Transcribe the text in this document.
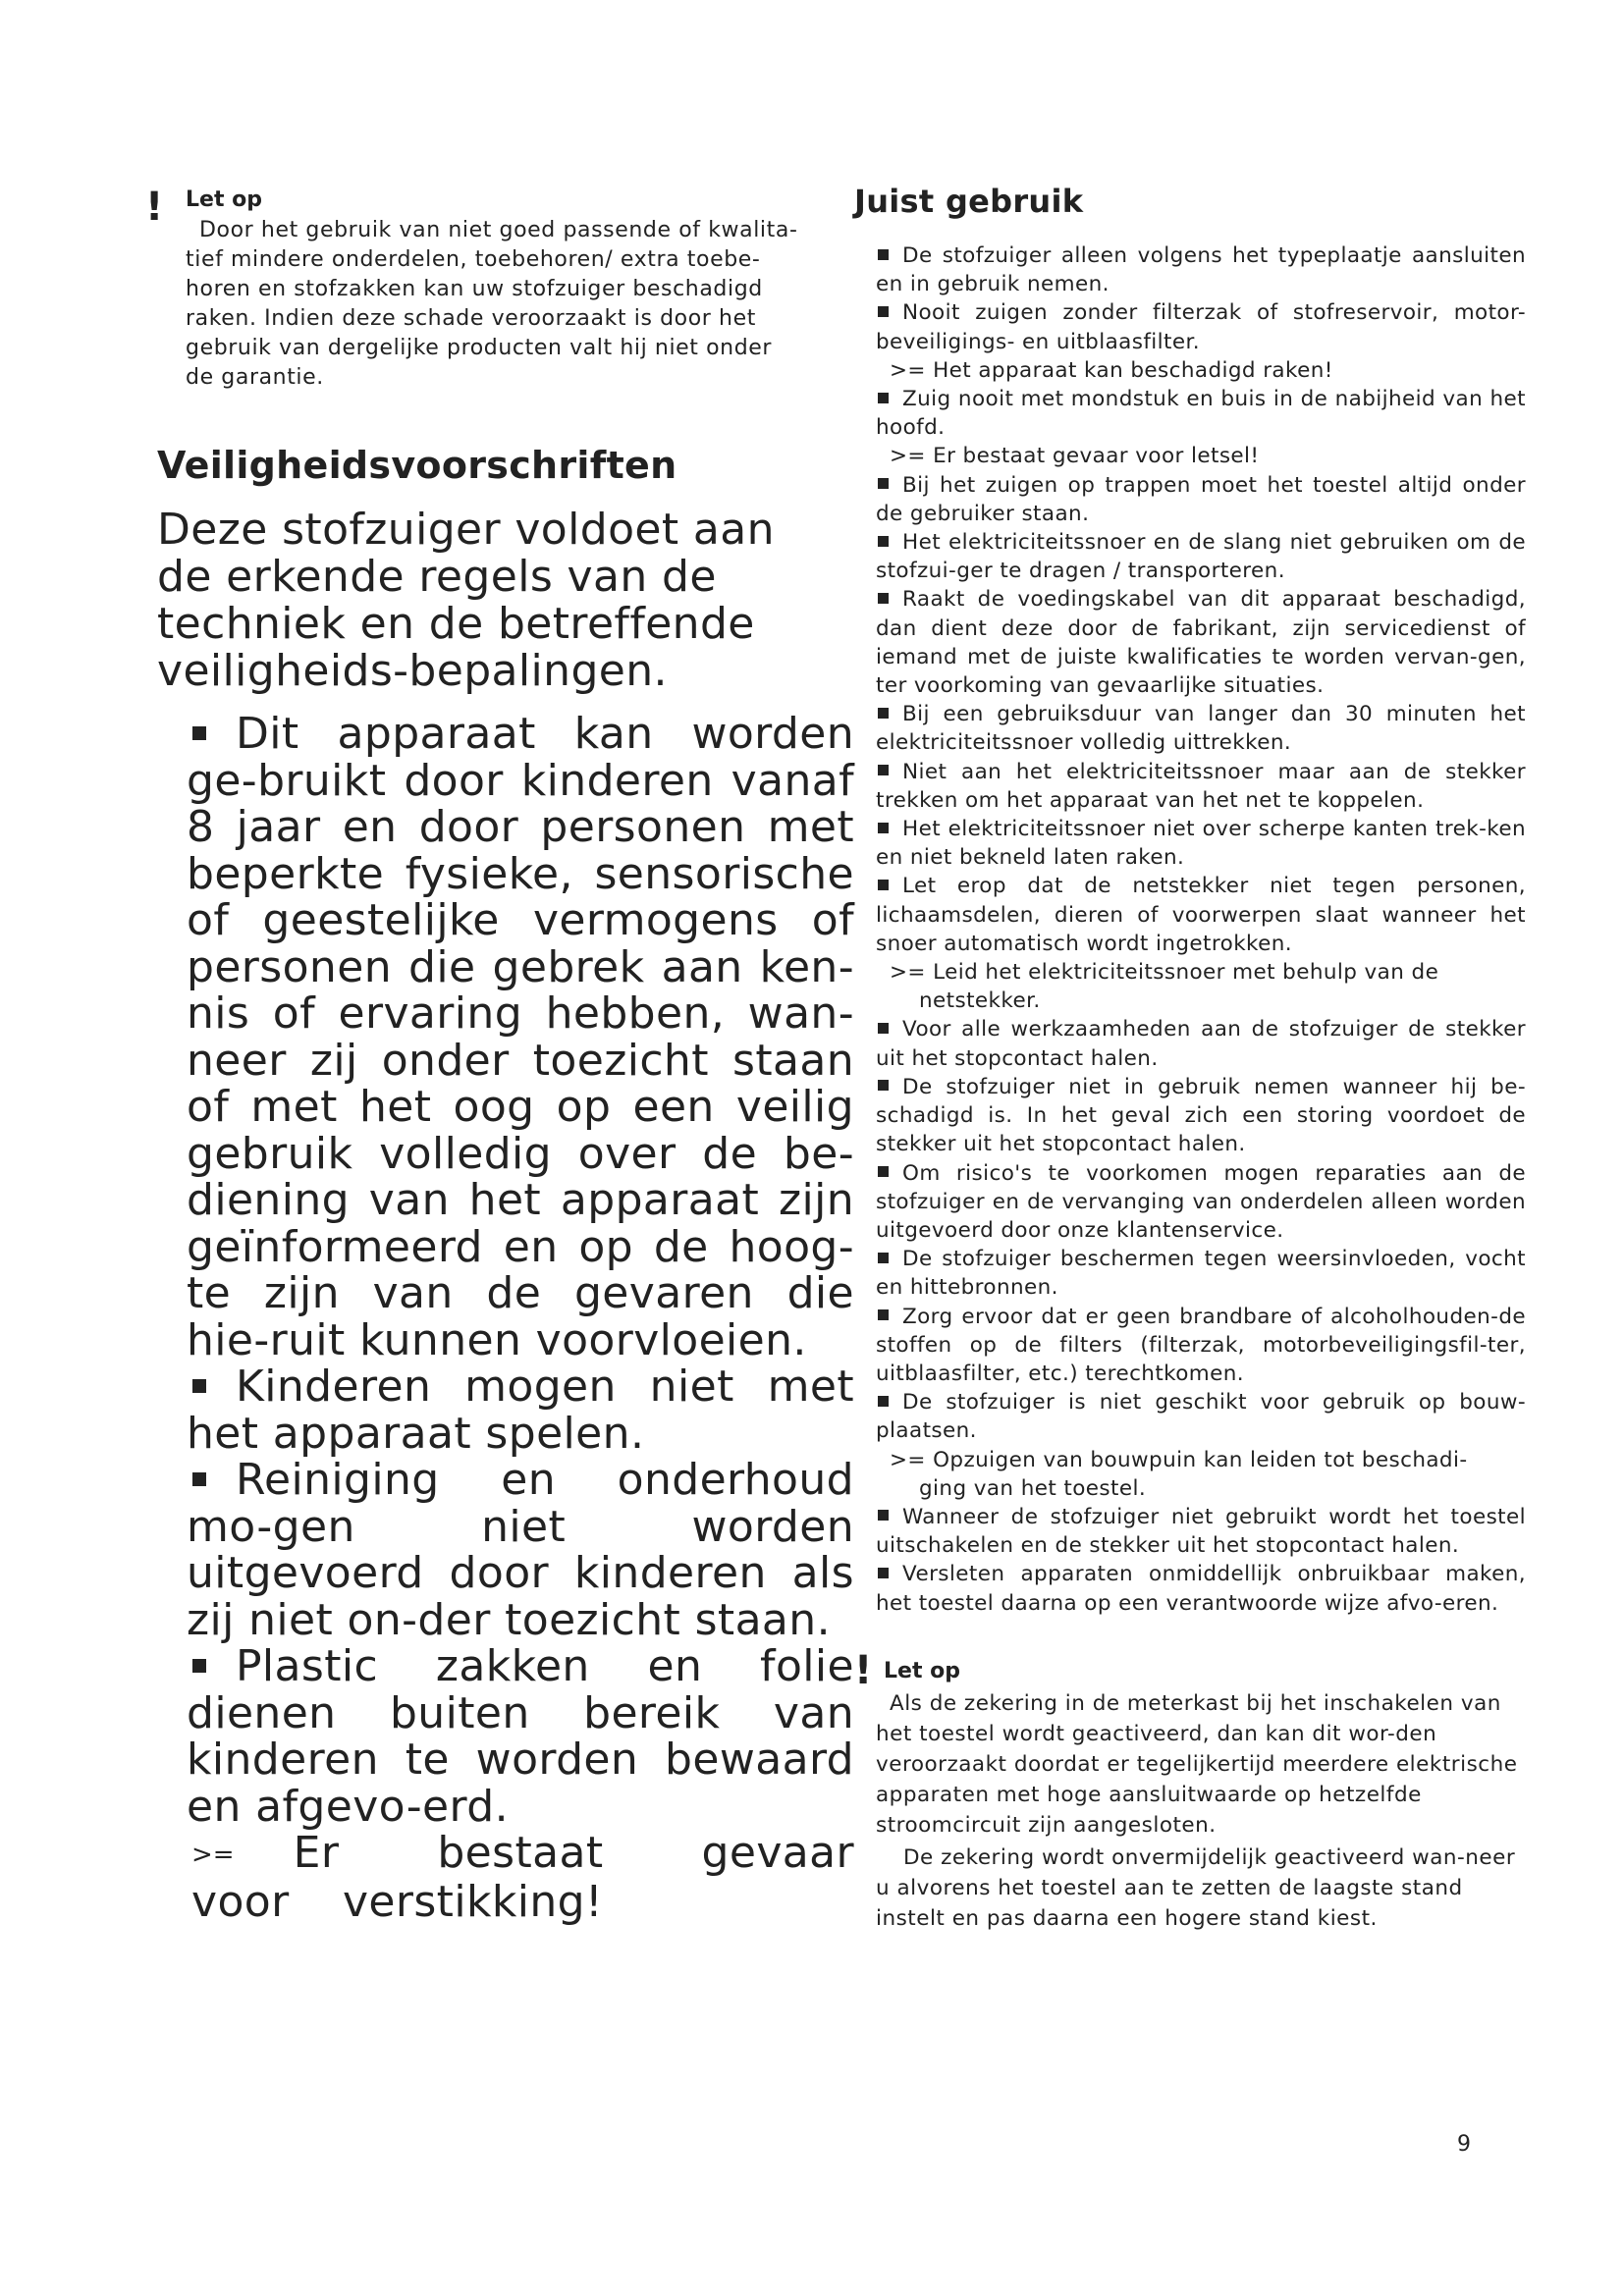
! Let op

Door het gebruik van niet goed passende of kwalita-

tief mindere onderdelen, toebehoren/ extra toebe-

horen en stofzakken kan uw stofzuiger beschadigd

raken. Indien deze schade veroorzaakt is door het

gebruik van dergelijke producten valt hij niet onder

de garantie.

Veiligheidsvoorschriften
Deze stofzuiger voldoet aan de erkende regels van de techniek en de betreffende veiligheids-bepalingen.

Dit apparaat kan worden ge-bruikt door kinderen vanaf 8 jaar en door personen met beperkte fysieke, sensorische of geestelijke vermogens of personen die gebrek aan ken-nis of ervaring hebben, wan-neer zij onder toezicht staan of met het oog op een veilig gebruik volledig over de be-diening van het apparaat zijn geïnformeerd en op de hoog-te zijn van de gevaren die hie-ruit kunnen voorvloeien.

Kinderen mogen niet met het apparaat spelen.

Reiniging en onderhoud mo-gen niet worden uitgevoerd door kinderen als zij niet on-der toezicht staan.

Plastic zakken en folie dienen buiten bereik van kinderen te worden bewaard en afgevo-erd.

>= Er bestaat gevaar voor verstikking!

Juist gebruik

De stofzuiger alleen volgens het typeplaatje aansluiten en in gebruik nemen.

Nooit zuigen zonder filterzak of stofreservoir, motor-beveiligings- en uitblaasfilter.

>= Het apparaat kan beschadigd raken!

Zuig nooit met mondstuk en buis in de nabijheid van het hoofd.

>= Er bestaat gevaar voor letsel!

Bij het zuigen op trappen moet het toestel altijd onder de gebruiker staan.

Het elektriciteitssnoer en de slang niet gebruiken om de stofzui-ger te dragen / transporteren.

Raakt de voedingskabel van dit apparaat beschadigd, dan dient deze door de fabrikant, zijn servicedienst of iemand met de juiste kwalificaties te worden vervan-gen, ter voorkoming van gevaarlijke situaties.

Bij een gebruiksduur van langer dan 30 minuten het elektriciteitssnoer volledig uittrekken.

Niet aan het elektriciteitssnoer maar aan de stekker trekken om het apparaat van het net te koppelen.

Het elektriciteitssnoer niet over scherpe kanten trek-ken en niet bekneld laten raken.

Let erop dat de netstekker niet tegen personen, lichaamsdelen, dieren of voorwerpen slaat wanneer het snoer automatisch wordt ingetrokken.

>= Leid het elektriciteitssnoer met behulp van de
netstekker.

Voor alle werkzaamheden aan de stofzuiger de stekker uit het stopcontact halen.

De stofzuiger niet in gebruik nemen wanneer hij be-schadigd is. In het geval zich een storing voordoet de stekker uit het stopcontact halen.

Om risico's te voorkomen mogen reparaties aan de stofzuiger en de vervanging van onderdelen alleen worden uitgevoerd door onze klantenservice.

De stofzuiger beschermen tegen weersinvloeden, vocht en hittebronnen.

Zorg ervoor dat er geen brandbare of alcoholhouden-de stoffen op de filters (filterzak, motorbeveiligingsfil-ter, uitblaasfilter, etc.) terechtkomen.

De stofzuiger is niet geschikt voor gebruik op bouw-plaatsen.

>= Opzuigen van bouwpuin kan leiden tot beschadi-
ging van het toestel.

Wanneer de stofzuiger niet gebruikt wordt het toestel uitschakelen en de stekker uit het stopcontact halen.

Versleten apparaten onmiddellijk onbruikbaar maken, het toestel daarna op een verantwoorde wijze afvo-eren.

! Let op

Als de zekering in de meterkast bij het inschakelen van het toestel wordt geactiveerd, dan kan dit wor-den veroorzaakt doordat er tegelijkertijd meerdere elektrische apparaten met hoge aansluitwaarde op hetzelfde stroomcircuit zijn aangesloten.

De zekering wordt onvermijdelijk geactiveerd wan-neer u alvorens het toestel aan te zetten de laagste stand instelt en pas daarna een hogere stand kiest.

9
